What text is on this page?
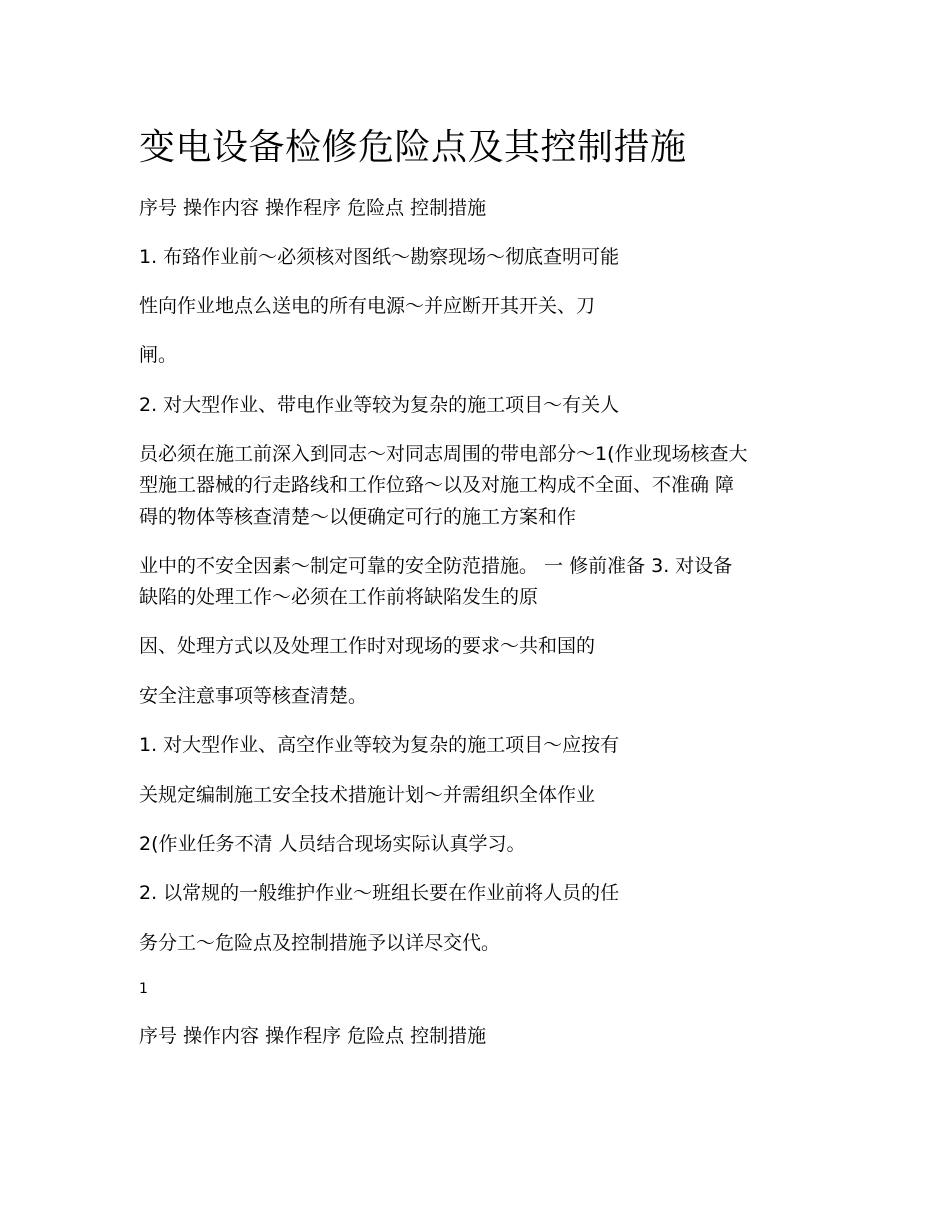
变电设备检修危险点及其控制措施
序号 操作内容 操作程序 危险点 控制措施
1. 布臵作业前～必须核对图纸～勘察现场～彻底查明可能
性向作业地点么送电的所有电源～并应断开其开关、刀
闸。
2. 对大型作业、带电作业等较为复杂的施工项目～有关人
员必须在施工前深入到同志～对同志周围的带电部分～1(作业现场核查大
型施工器械的行走路线和工作位臵～以及对施工构成不全面、不准确 障
碍的物体等核查清楚～以便确定可行的施工方案和作
业中的不安全因素～制定可靠的安全防范措施。 一 修前准备 3. 对设备
缺陷的处理工作～必须在工作前将缺陷发生的原
因、处理方式以及处理工作时对现场的要求～共和国的
安全注意事项等核查清楚。
1. 对大型作业、高空作业等较为复杂的施工项目～应按有
关规定编制施工安全技术措施计划～并需组织全体作业
2(作业任务不清 人员结合现场实际认真学习。
2. 以常规的一般维护作业～班组长要在作业前将人员的任
务分工～危险点及控制措施予以详尽交代。
1
序号 操作内容 操作程序 危险点 控制措施
